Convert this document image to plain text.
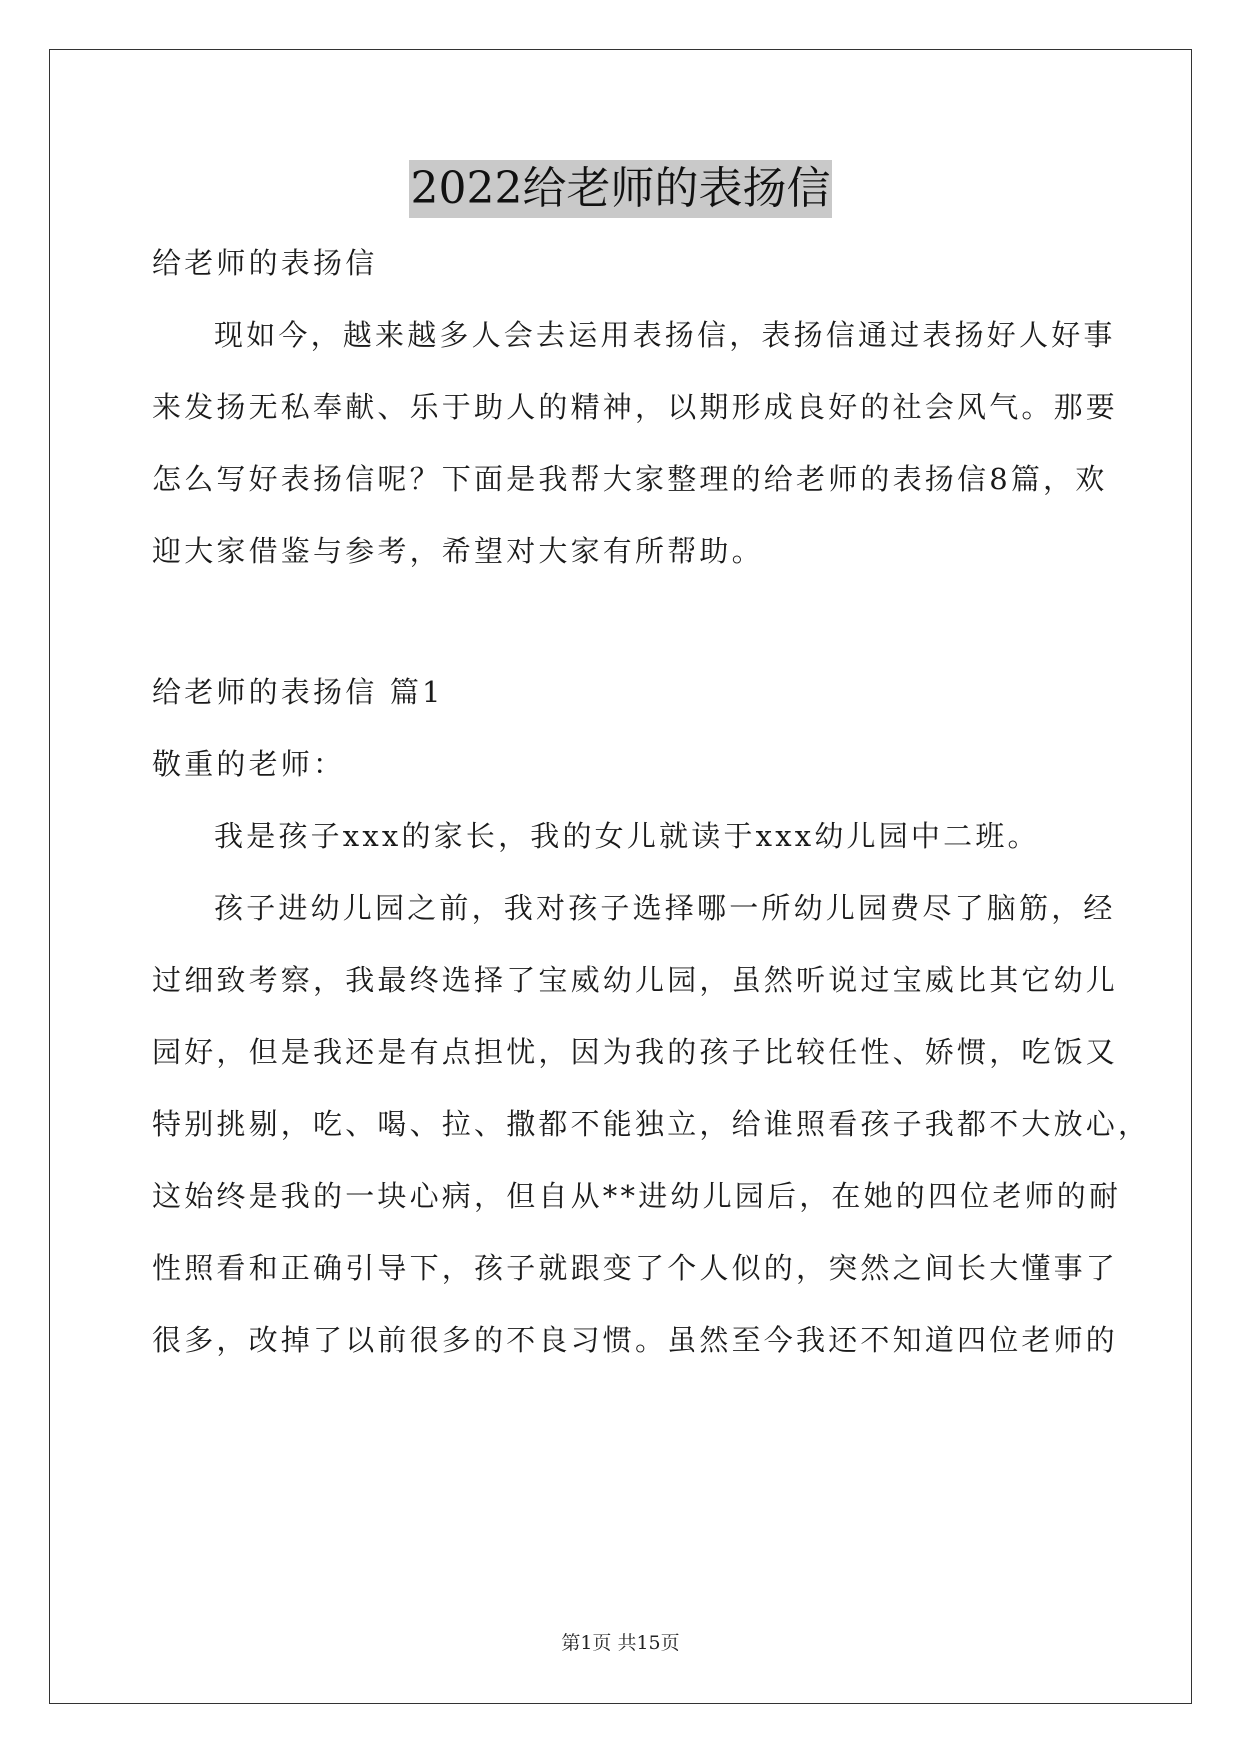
2022给老师的表扬信
给老师的表扬信
现如今，越来越多人会去运用表扬信，表扬信通过表扬好人好事
来发扬无私奉献、乐于助人的精神，以期形成良好的社会风气。那要
怎么写好表扬信呢？下面是我帮大家整理的给老师的表扬信8篇，欢
迎大家借鉴与参考，希望对大家有所帮助。
给老师的表扬信 篇1
敬重的老师：
我是孩子xxx的家长，我的女儿就读于xxx幼儿园中二班。
孩子进幼儿园之前，我对孩子选择哪一所幼儿园费尽了脑筋，经
过细致考察，我最终选择了宝威幼儿园，虽然听说过宝威比其它幼儿
园好，但是我还是有点担忧，因为我的孩子比较任性、娇惯，吃饭又
特别挑剔，吃、喝、拉、撒都不能独立，给谁照看孩子我都不大放心，
这始终是我的一块心病，但自从**进幼儿园后，在她的四位老师的耐
性照看和正确引导下，孩子就跟变了个人似的，突然之间长大懂事了
很多，改掉了以前很多的不良习惯。虽然至今我还不知道四位老师的
第1页 共15页
